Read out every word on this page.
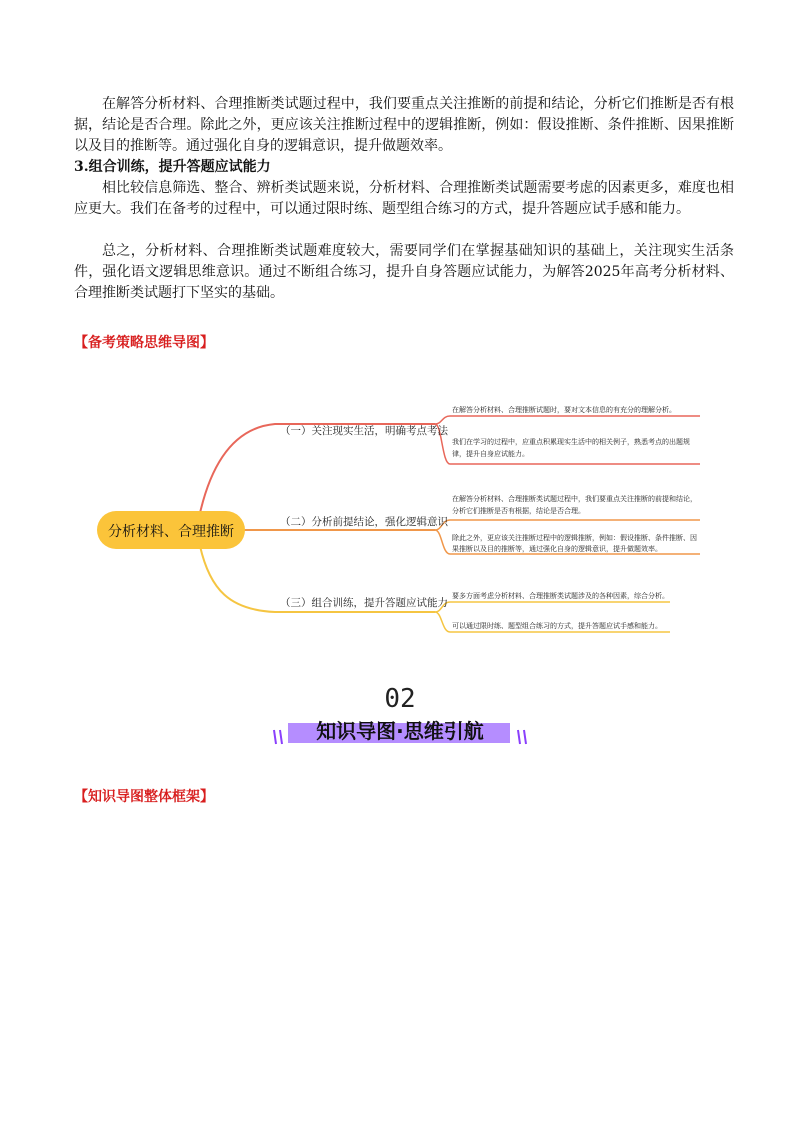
在解答分析材料、合理推断类试题过程中，我们要重点关注推断的前提和结论，分析它们推断是否有根据，结论是否合理。除此之外，更应该关注推断过程中的逻辑推断，例如：假设推断、条件推断、因果推断以及目的推断等。通过强化自身的逻辑意识，提升做题效率。

3.组合训练，提升答题应试能力

相比较信息筛选、整合、辨析类试题来说，分析材料、合理推断类试题需要考虑的因素更多，难度也相应更大。我们在备考的过程中，可以通过限时练、题型组合练习的方式，提升答题应试手感和能力。

总之，分析材料、合理推断类试题难度较大，需要同学们在掌握基础知识的基础上，关注现实生活条件，强化语文逻辑思维意识。通过不断组合练习，提升自身答题应试能力，为解答2025年高考分析材料、合理推断类试题打下坚实的基础。

【备考策略思维导图】

分析材料、合理推断
（一）关注现实生活，明确考点考法
（二）分析前提结论，强化逻辑意识
（三）组合训练，提升答题应试能力
在解答分析材料、合理推断试题时，要对文本信息的有充分的理解分析。
我们在学习的过程中，应重点积累现实生活中的相关例子，熟悉考点的出题规
律，提升自身应试能力。
在解答分析材料、合理推断类试题过程中，我们要重点关注推断的前提和结论，
分析它们推断是否有根据，结论是否合理。
除此之外，更应该关注推断过程中的逻辑推断，例如：假设推断、条件推断、因
果推断以及目的推断等，通过强化自身的逻辑意识，提升做题效率。
要多方面考虑分析材料、合理推断类试题涉及的各种因素，综合分析。
可以通过限时练、题型组合练习的方式，提升答题应试手感和能力。
02
知识导图·思维引航

【知识导图整体框架】
